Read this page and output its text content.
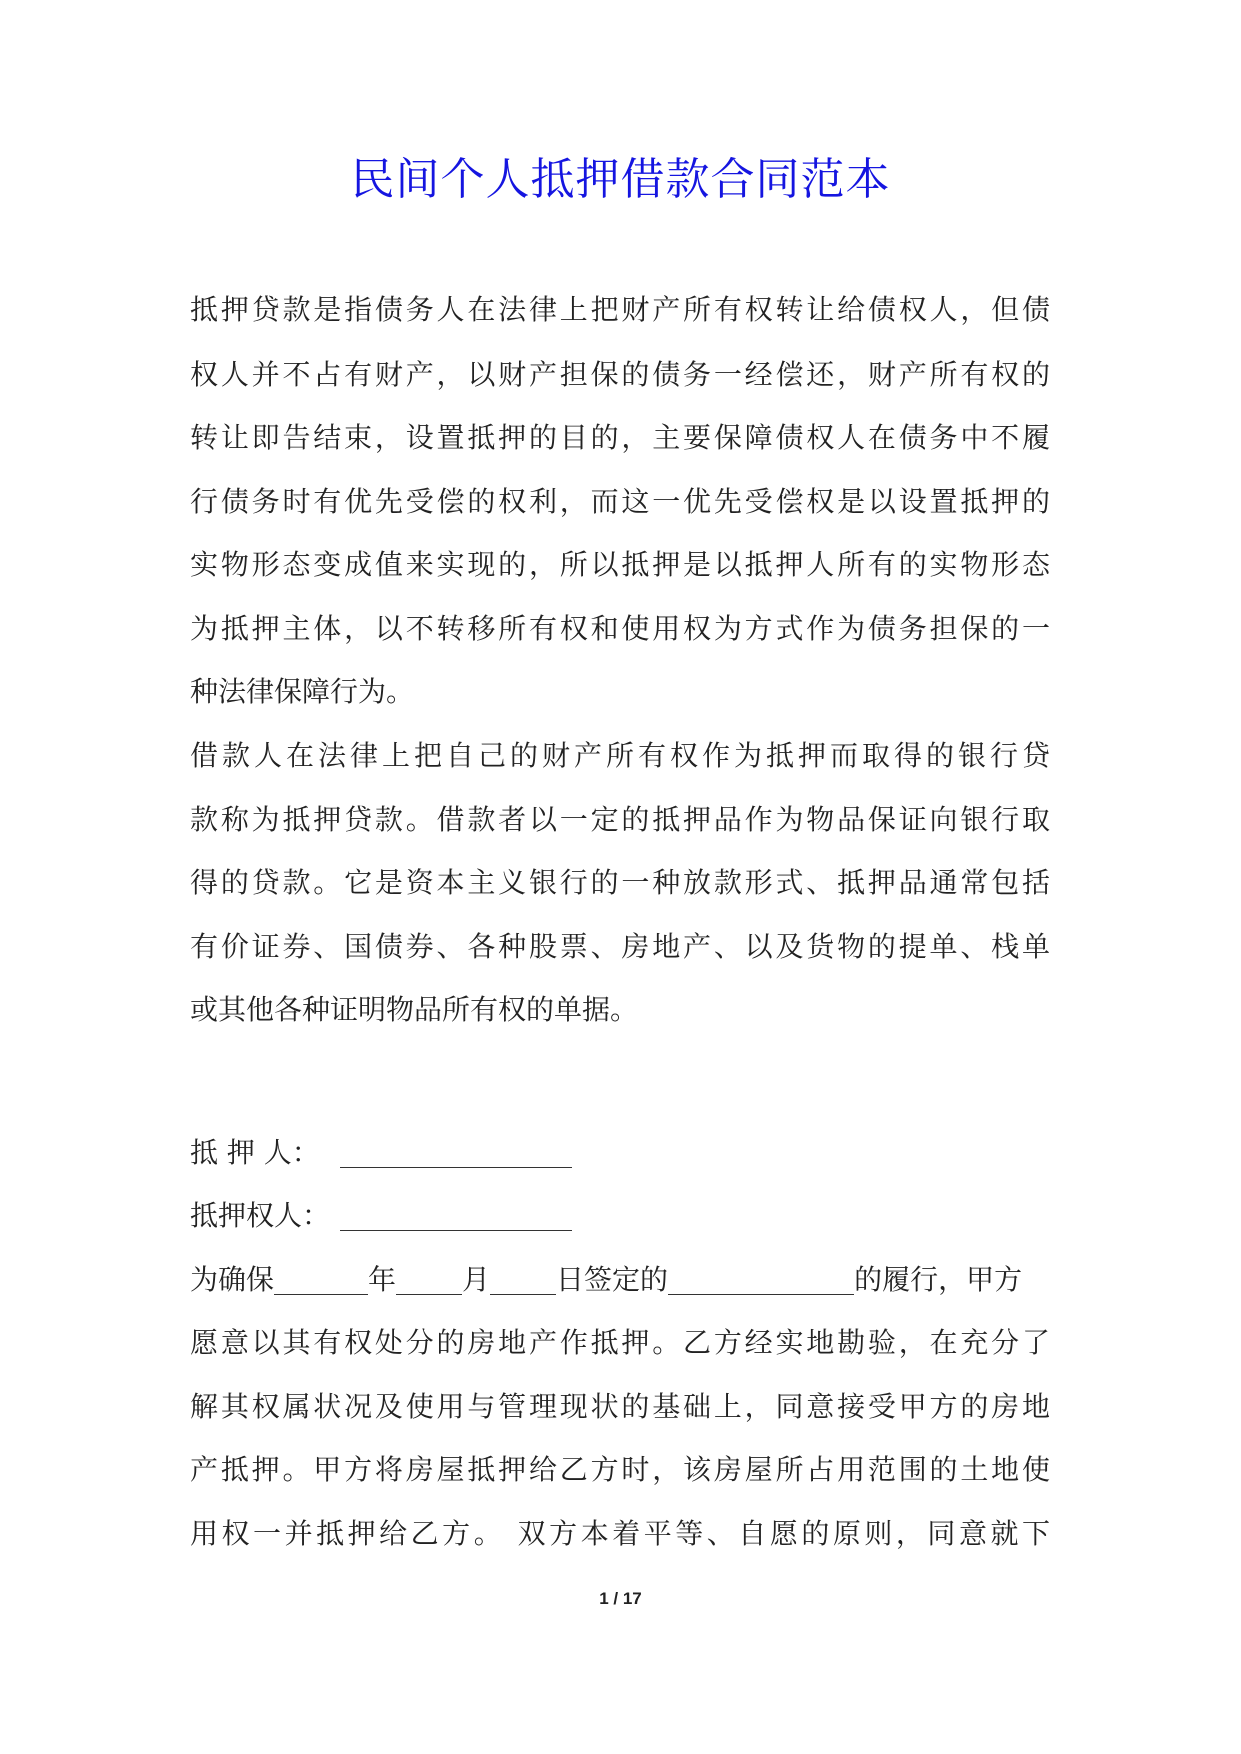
民间个人抵押借款合同范本
抵押贷款是指债务人在法律上把财产所有权转让给债权人，但债
权人并不占有财产，以财产担保的债务一经偿还，财产所有权的
转让即告结束，设置抵押的目的，主要保障债权人在债务中不履
行债务时有优先受偿的权利，而这一优先受偿权是以设置抵押的
实物形态变成值来实现的，所以抵押是以抵押人所有的实物形态
为抵押主体，以不转移所有权和使用权为方式作为债务担保的一
种法律保障行为。
借款人在法律上把自己的财产所有权作为抵押而取得的银行贷
款称为抵押贷款。借款者以一定的抵押品作为物品保证向银行取
得的贷款。它是资本主义银行的一种放款形式、抵押品通常包括
有价证券、国债券、各种股票、房地产、以及货物的提单、栈单
或其他各种证明物品所有权的单据。
抵 押 人：
抵押权人：
为确保	年 月 日签定的	的履行，甲方
愿意以其有权处分的房地产作抵押。乙方经实地勘验，在充分了
解其权属状况及使用与管理现状的基础上，同意接受甲方的房地
产抵押。甲方将房屋抵押给乙方时，该房屋所占用范围的土地使
用权一并抵押给乙方。 双方本着平等、自愿的原则，同意就下
1 / 17
